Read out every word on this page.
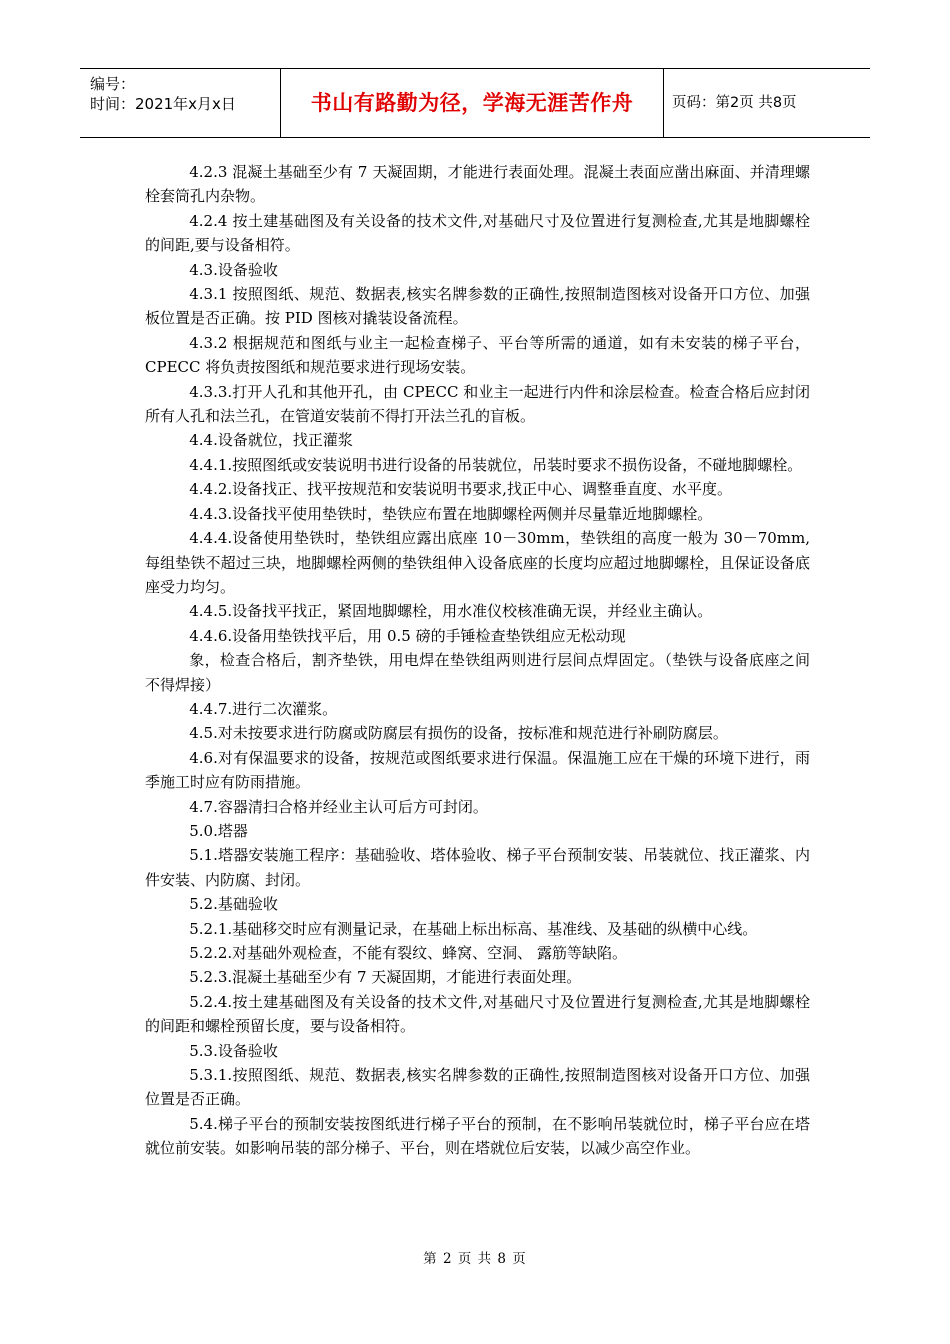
编号：
时间：2021年x月x日	书山有路勤为径，学海无涯苦作舟	页码：第2页 共8页
4.2.3 混凝土基础至少有 7 天凝固期，才能进行表面处理。混凝土表面应凿出麻面、并清理螺栓套筒孔内杂物。
4.2.4 按土建基础图及有关设备的技术文件,对基础尺寸及位置进行复测检查,尤其是地脚螺栓的间距,要与设备相符。
4.3.设备验收
4.3.1 按照图纸、规范、数据表,核实名牌参数的正确性,按照制造图核对设备开口方位、加强板位置是否正确。按 PID 图核对撬装设备流程。
4.3.2 根据规范和图纸与业主一起检查梯子、平台等所需的通道，如有未安装的梯子平台，CPECC 将负责按图纸和规范要求进行现场安装。
4.3.3.打开人孔和其他开孔，由 CPECC 和业主一起进行内件和涂层检查。检查合格后应封闭所有人孔和法兰孔，在管道安装前不得打开法兰孔的盲板。
4.4.设备就位，找正灌浆
4.4.1.按照图纸或安装说明书进行设备的吊装就位，吊装时要求不损伤设备，不碰地脚螺栓。
4.4.2.设备找正、找平按规范和安装说明书要求,找正中心、调整垂直度、水平度。
4.4.3.设备找平使用垫铁时，垫铁应布置在地脚螺栓两侧并尽量靠近地脚螺栓。
4.4.4.设备使用垫铁时，垫铁组应露出底座 10－30mm，垫铁组的高度一般为 30－70mm,每组垫铁不超过三块，地脚螺栓两侧的垫铁组伸入设备底座的长度均应超过地脚螺栓，且保证设备底座受力均匀。
4.4.5.设备找平找正，紧固地脚螺栓，用水准仪校核准确无误，并经业主确认。
4.4.6.设备用垫铁找平后，用 0.5 磅的手锤检查垫铁组应无松动现
象，检查合格后，割齐垫铁，用电焊在垫铁组两则进行层间点焊固定。（垫铁与设备底座之间不得焊接）
4.4.7.进行二次灌浆。
4.5.对未按要求进行防腐或防腐层有损伤的设备，按标准和规范进行补刷防腐层。
4.6.对有保温要求的设备，按规范或图纸要求进行保温。保温施工应在干燥的环境下进行，雨季施工时应有防雨措施。
4.7.容器清扫合格并经业主认可后方可封闭。
5.0.塔器
5.1.塔器安装施工程序：基础验收、塔体验收、梯子平台预制安装、吊装就位、找正灌浆、内件安装、内防腐、封闭。
5.2.基础验收
5.2.1.基础移交时应有测量记录，在基础上标出标高、基准线、及基础的纵横中心线。
5.2.2.对基础外观检查，不能有裂纹、蜂窝、空洞、 露筋等缺陷。
5.2.3.混凝土基础至少有 7 天凝固期，才能进行表面处理。
5.2.4.按土建基础图及有关设备的技术文件,对基础尺寸及位置进行复测检查,尤其是地脚螺栓的间距和螺栓预留长度，要与设备相符。
5.3.设备验收
5.3.1.按照图纸、规范、数据表,核实名牌参数的正确性,按照制造图核对设备开口方位、加强位置是否正确。
5.4.梯子平台的预制安装按图纸进行梯子平台的预制，在不影响吊装就位时，梯子平台应在塔就位前安装。如影响吊装的部分梯子、平台，则在塔就位后安装，以减少高空作业。
第 2 页 共 8 页
